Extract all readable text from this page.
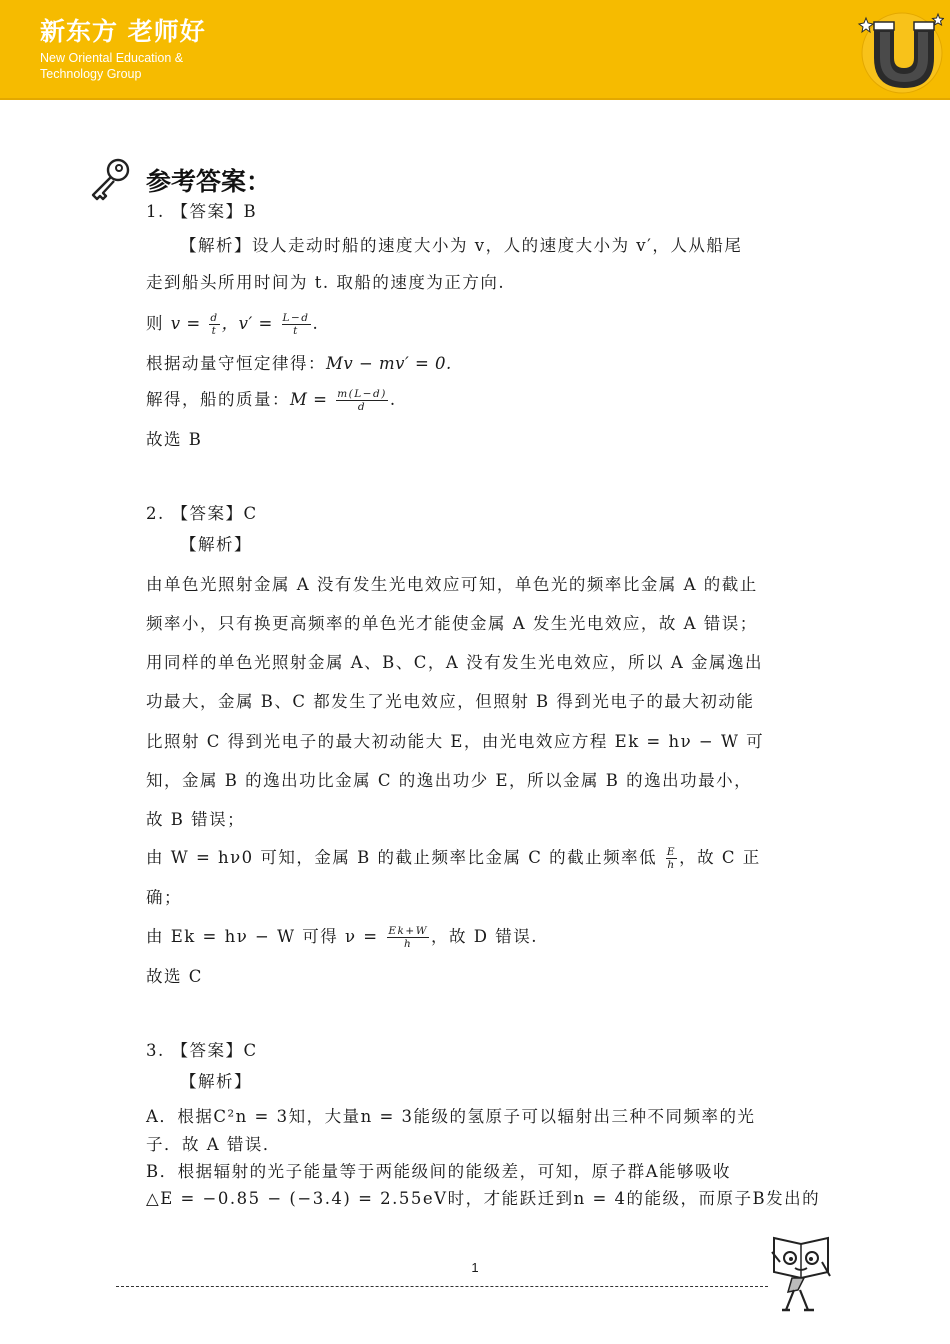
新东方 老师好
New Oriental Education &
Technology Group
参考答案：
1. 【答案】B
【解析】设人走动时船的速度大小为 v，人的速度大小为 v′，人从船尾
走到船头所用时间为 t. 取船的速度为正方向.
则 $v = \frac{d}{t}$ ，$v' = \frac{L-d}{t}$ .
根据动量守恒定律得：Mv − mv′ = 0.
解得，船的质量：$M = \frac{m(L-d)}{d}$ .
故选 B
2. 【答案】C
【解析】
由单色光照射金属 A 没有发生光电效应可知，单色光的频率比金属 A 的截止
频率小，只有换更高频率的单色光才能使金属 A 发生光电效应，故 A 错误；
用同样的单色光照射金属 A、B、C，A 没有发生光电效应，所以 A 金属逸出
功最大，金属 B、C 都发生了光电效应，但照射 B 得到光电子的最大初动能
比照射 C 得到光电子的最大初动能大 E，由光电效应方程 Ek = hν − W 可
知，金属 B 的逸出功比金属 C 的逸出功少 E，所以金属 B 的逸出功最小，
故 B 错误；
由 W = hν0 可知，金属 B 的截止频率比金属 C 的截止频率低 $\frac{E}{h}$ ，故 C 正
确；
由 Ek = hν − W 可得 $\nu = \frac{Ek+W}{h}$ ，故 D 错误.
故选 C
3. 【答案】C
【解析】
A．根据C²n = 3知，大量n = 3能级的氢原子可以辐射出三种不同频率的光
子．故 A 错误．
B．根据辐射的光子能量等于两能级间的能级差，可知，原子群A能够吸收
△E = −0.85 − (−3.4) = 2.55eV时，才能跃迁到n = 4的能级，而原子B发出的
1
